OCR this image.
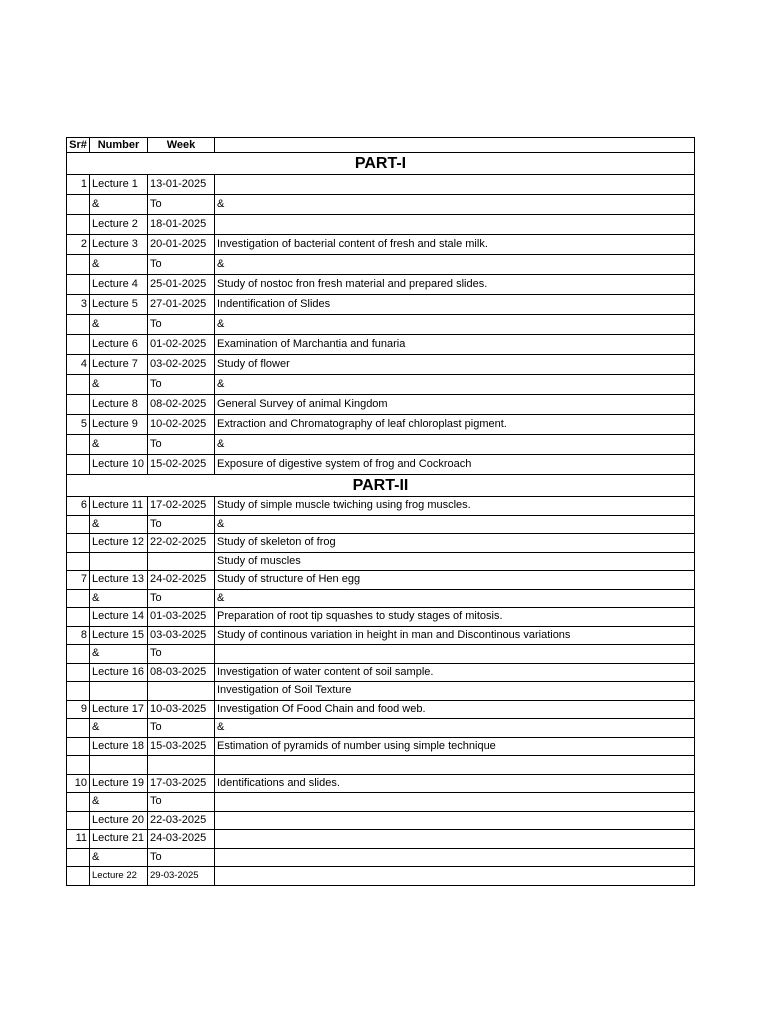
Sr#	Number	Week	
PART-I			
1	Lecture 1	13-01-2025	
	&	To	&
	Lecture 2	18-01-2025	
2	Lecture 3	20-01-2025	Investigation of bacterial content of fresh and stale milk.
	&	To	&
	Lecture 4	25-01-2025	Study of nostoc fron fresh material and prepared slides.
3	Lecture 5	27-01-2025	Indentification of Slides
	&	To	&
	Lecture 6	01-02-2025	Examination of Marchantia and funaria
4	Lecture 7	03-02-2025	Study of flower
	&	To	&
	Lecture 8	08-02-2025	General Survey of animal Kingdom
5	Lecture 9	10-02-2025	Extraction and Chromatography of leaf chloroplast pigment.
	&	To	&
	Lecture 10	15-02-2025	Exposure of digestive system of frog and Cockroach
PART-II			
6	Lecture 11	17-02-2025	Study of simple muscle twiching using frog muscles.
	&	To	&
	Lecture 12	22-02-2025	Study of skeleton of frog
			Study of muscles
7	Lecture 13	24-02-2025	Study of structure of Hen egg
	&	To	&
	Lecture 14	01-03-2025	Preparation of root tip squashes to study stages of mitosis.
8	Lecture 15	03-03-2025	Study of continous variation in height in man and Discontinous variations
	&	To	
	Lecture 16	08-03-2025	Investigation of water content of soil sample.
			Investigation of Soil Texture
9	Lecture 17	10-03-2025	Investigation Of Food Chain and food web.
	&	To	&
	Lecture 18	15-03-2025	Estimation of pyramids of number using simple technique

10	Lecture 19	17-03-2025	Identifications and slides.
	&	To	
	Lecture 20	22-03-2025	
11	Lecture 21	24-03-2025	
	&	To	
	Lecture 22	29-03-2025	
